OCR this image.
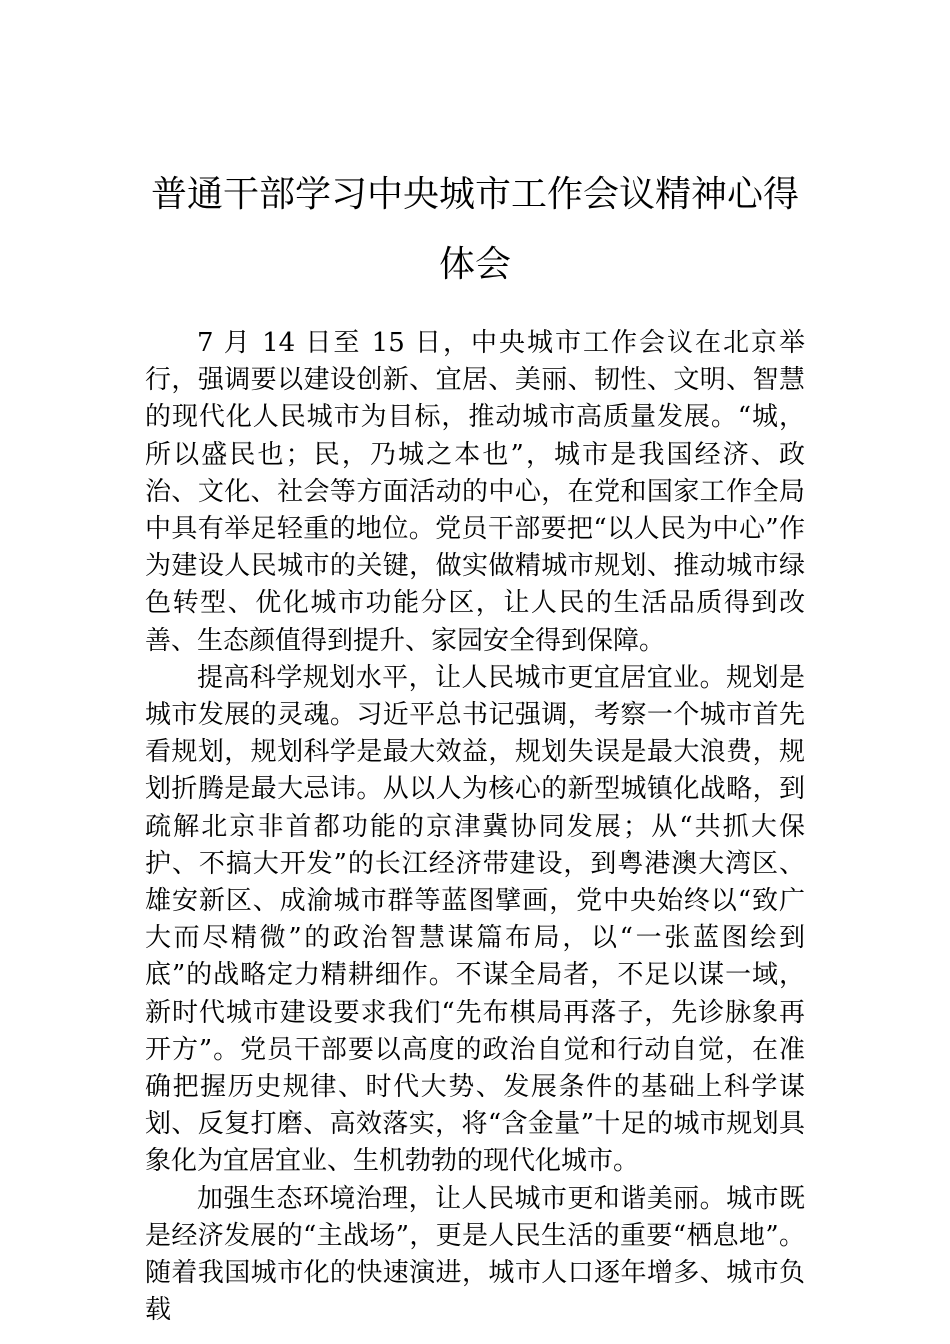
普通干部学习中央城市工作会议精神心得体会

7 月 14 日至 15 日，中央城市工作会议在北京举行，强调要以建设创新、宜居、美丽、韧性、文明、智慧的现代化人民城市为目标，推动城市高质量发展。“城，所以盛民也；民，乃城之本也”，城市是我国经济、政治、文化、社会等方面活动的中心，在党和国家工作全局中具有举足轻重的地位。党员干部要把“以人民为中心”作为建设人民城市的关键，做实做精城市规划、推动城市绿色转型、优化城市功能分区，让人民的生活品质得到改善、生态颜值得到提升、家园安全得到保障。

提高科学规划水平，让人民城市更宜居宜业。规划是城市发展的灵魂。习近平总书记强调，考察一个城市首先看规划，规划科学是最大效益，规划失误是最大浪费，规划折腾是最大忌讳。从以人为核心的新型城镇化战略，到疏解北京非首都功能的京津冀协同发展；从“共抓大保护、不搞大开发”的长江经济带建设，到粤港澳大湾区、雄安新区、成渝城市群等蓝图擘画，党中央始终以“致广大而尽精微”的政治智慧谋篇布局，以“一张蓝图绘到底”的战略定力精耕细作。不谋全局者，不足以谋一域，新时代城市建设要求我们“先布棋局再落子，先诊脉象再开方”。党员干部要以高度的政治自觉和行动自觉，在准确把握历史规律、时代大势、发展条件的基础上科学谋划、反复打磨、高效落实，将“含金量”十足的城市规划具象化为宜居宜业、生机勃勃的现代化城市。

加强生态环境治理，让人民城市更和谐美丽。城市既是经济发展的“主战场”，更是人民生活的重要“栖息地”。随着我国城市化的快速演进，城市人口逐年增多、城市负载
